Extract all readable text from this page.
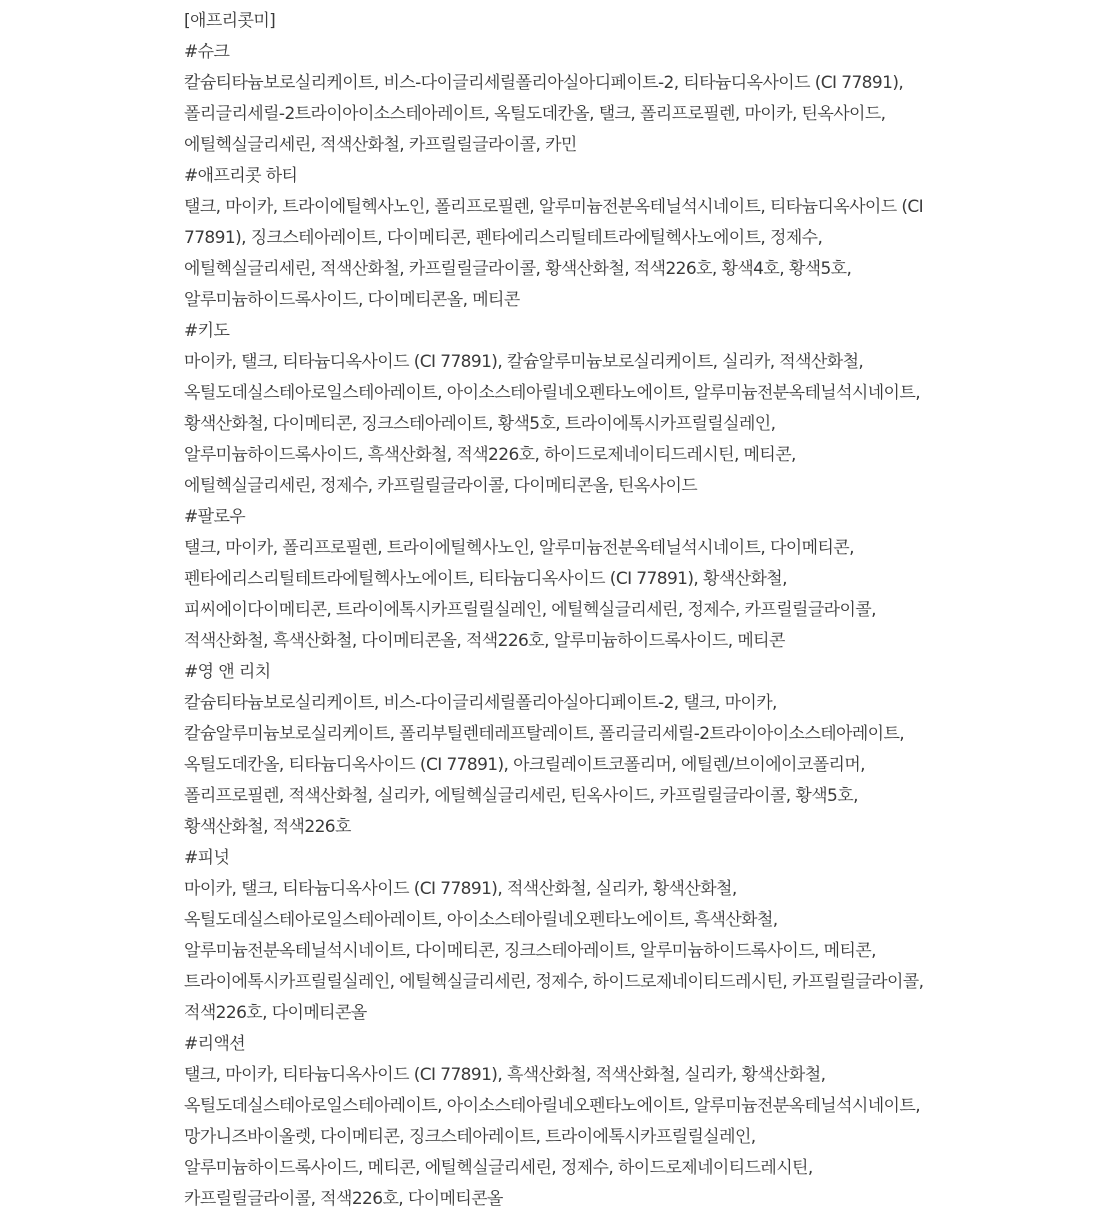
[애프리콧미]
#슈크
칼슘티타늄보로실리케이트, 비스-다이글리세릴폴리아실아디페이트-2, 티타늄디옥사이드 (CI 77891), 폴리글리세릴-2트라이아이소스테아레이트, 옥틸도데칸올, 탤크, 폴리프로필렌, 마이카, 틴옥사이드, 에틸헥실글리세린, 적색산화철, 카프릴릴글라이콜, 카민
#애프리콧 하티
탤크, 마이카, 트라이에틸헥사노인, 폴리프로필렌, 알루미늄전분옥테닐석시네이트, 티타늄디옥사이드 (CI 77891), 징크스테아레이트, 다이메티콘, 펜타에리스리틸테트라에틸헥사노에이트, 정제수, 에틸헥실글리세린, 적색산화철, 카프릴릴글라이콜, 황색산화철, 적색226호, 황색4호, 황색5호, 알루미늄하이드록사이드, 다이메티콘올, 메티콘
#키도
마이카, 탤크, 티타늄디옥사이드 (CI 77891), 칼슘알루미늄보로실리케이트, 실리카, 적색산화철, 옥틸도데실스테아로일스테아레이트, 아이소스테아릴네오펜타노에이트, 알루미늄전분옥테닐석시네이트, 황색산화철, 다이메티콘, 징크스테아레이트, 황색5호, 트라이에톡시카프릴릴실레인, 알루미늄하이드록사이드, 흑색산화철, 적색226호, 하이드로제네이티드레시틴, 메티콘, 에틸헥실글리세린, 정제수, 카프릴릴글라이콜, 다이메티콘올, 틴옥사이드
#팔로우
탤크, 마이카, 폴리프로필렌, 트라이에틸헥사노인, 알루미늄전분옥테닐석시네이트, 다이메티콘, 펜타에리스리틸테트라에틸헥사노에이트, 티타늄디옥사이드 (CI 77891), 황색산화철, 피씨에이다이메티콘, 트라이에톡시카프릴릴실레인, 에틸헥실글리세린, 정제수, 카프릴릴글라이콜, 적색산화철, 흑색산화철, 다이메티콘올, 적색226호, 알루미늄하이드록사이드, 메티콘
#영 앤 리치
칼슘티타늄보로실리케이트, 비스-다이글리세릴폴리아실아디페이트-2, 탤크, 마이카, 칼슘알루미늄보로실리케이트, 폴리부틸렌테레프탈레이트, 폴리글리세릴-2트라이아이소스테아레이트, 옥틸도데칸올, 티타늄디옥사이드 (CI 77891), 아크릴레이트코폴리머, 에틸렌/브이에이코폴리머, 폴리프로필렌, 적색산화철, 실리카, 에틸헥실글리세린, 틴옥사이드, 카프릴릴글라이콜, 황색5호, 황색산화철, 적색226호
#피넛
마이카, 탤크, 티타늄디옥사이드 (CI 77891), 적색산화철, 실리카, 황색산화철, 옥틸도데실스테아로일스테아레이트, 아이소스테아릴네오펜타노에이트, 흑색산화철, 알루미늄전분옥테닐석시네이트, 다이메티콘, 징크스테아레이트, 알루미늄하이드록사이드, 메티콘, 트라이에톡시카프릴릴실레인, 에틸헥실글리세린, 정제수, 하이드로제네이티드레시틴, 카프릴릴글라이콜, 적색226호, 다이메티콘올
#리액션
탤크, 마이카, 티타늄디옥사이드 (CI 77891), 흑색산화철, 적색산화철, 실리카, 황색산화철, 옥틸도데실스테아로일스테아레이트, 아이소스테아릴네오펜타노에이트, 알루미늄전분옥테닐석시네이트, 망가니즈바이올렛, 다이메티콘, 징크스테아레이트, 트라이에톡시카프릴릴실레인, 알루미늄하이드록사이드, 메티콘, 에틸헥실글리세린, 정제수, 하이드로제네이티드레시틴, 카프릴릴글라이콜, 적색226호, 다이메티콘올
